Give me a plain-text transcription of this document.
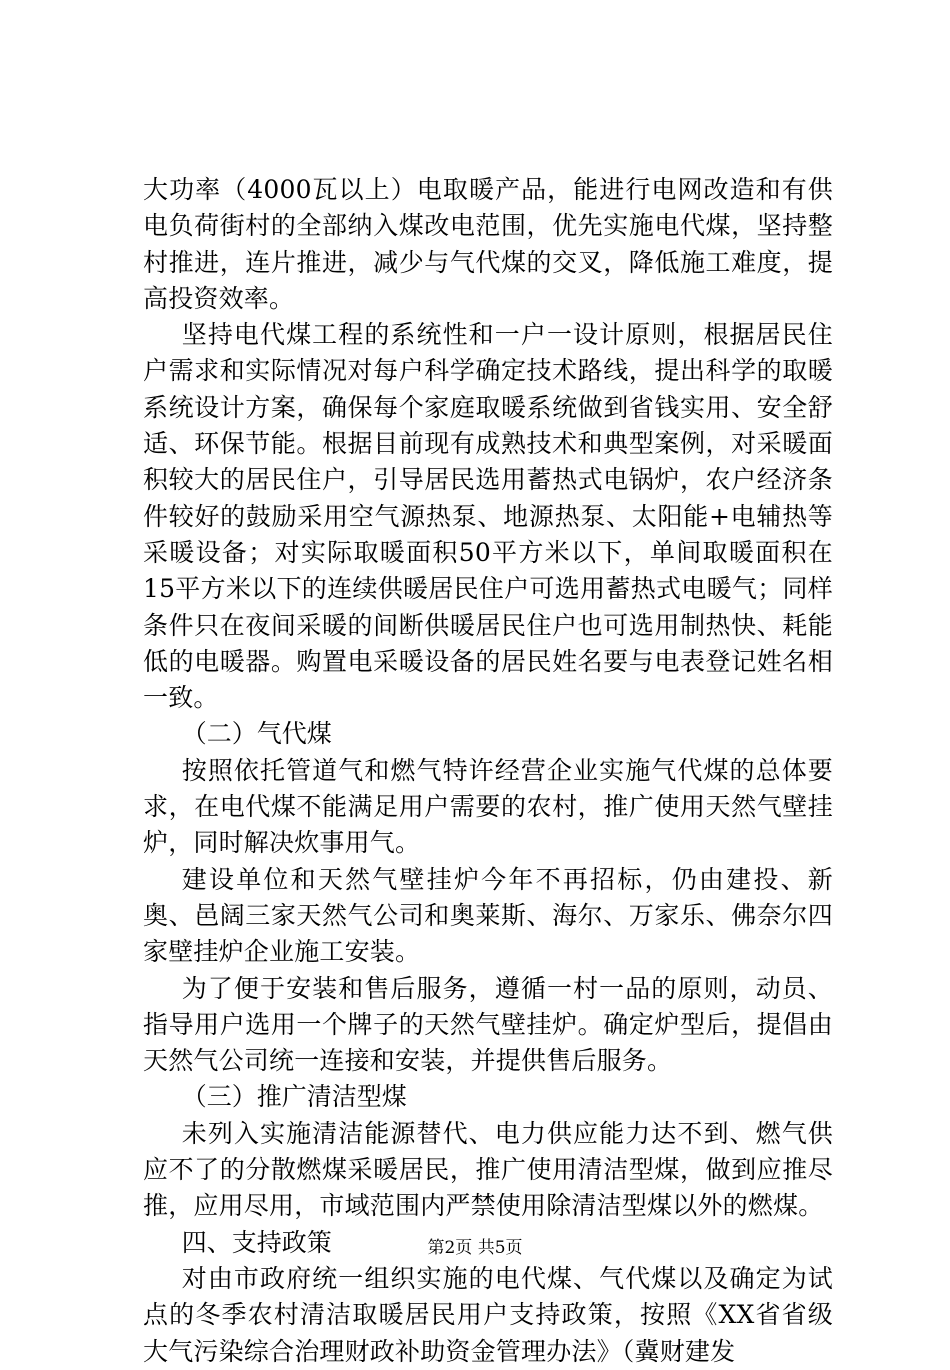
大功率（4000瓦以上）电取暖产品，能进行电网改造和有供电负荷街村的全部纳入煤改电范围，优先实施电代煤，坚持整村推进，连片推进，减少与气代煤的交叉，降低施工难度，提高投资效率。

坚持电代煤工程的系统性和一户一设计原则，根据居民住户需求和实际情况对每户科学确定技术路线，提出科学的取暖系统设计方案，确保每个家庭取暖系统做到省钱实用、安全舒适、环保节能。根据目前现有成熟技术和典型案例，对采暖面积较大的居民住户，引导居民选用蓄热式电锅炉，农户经济条件较好的鼓励采用空气源热泵、地源热泵、太阳能+电辅热等采暖设备；对实际取暖面积50平方米以下，单间取暖面积在15平方米以下的连续供暖居民住户可选用蓄热式电暖气；同样条件只在夜间采暖的间断供暖居民住户也可选用制热快、耗能低的电暖器。购置电采暖设备的居民姓名要与电表登记姓名相一致。

（二）气代煤

按照依托管道气和燃气特许经营企业实施气代煤的总体要求，在电代煤不能满足用户需要的农村，推广使用天然气壁挂炉，同时解决炊事用气。

建设单位和天然气壁挂炉今年不再招标，仍由建投、新奥、邑阔三家天然气公司和奥莱斯、海尔、万家乐、佛奈尔四家壁挂炉企业施工安装。

为了便于安装和售后服务，遵循一村一品的原则，动员、指导用户选用一个牌子的天然气壁挂炉。确定炉型后，提倡由天然气公司统一连接和安装，并提供售后服务。

（三）推广清洁型煤

未列入实施清洁能源替代、电力供应能力达不到、燃气供应不了的分散燃煤采暖居民，推广使用清洁型煤，做到应推尽推，应用尽用，市域范围内严禁使用除清洁型煤以外的燃煤。

四、支持政策

对由市政府统一组织实施的电代煤、气代煤以及确定为试点的冬季农村清洁取暖居民用户支持政策，按照《XX省省级大气污染综合治理财政补助资金管理办法》（冀财建发

第2页 共5页
